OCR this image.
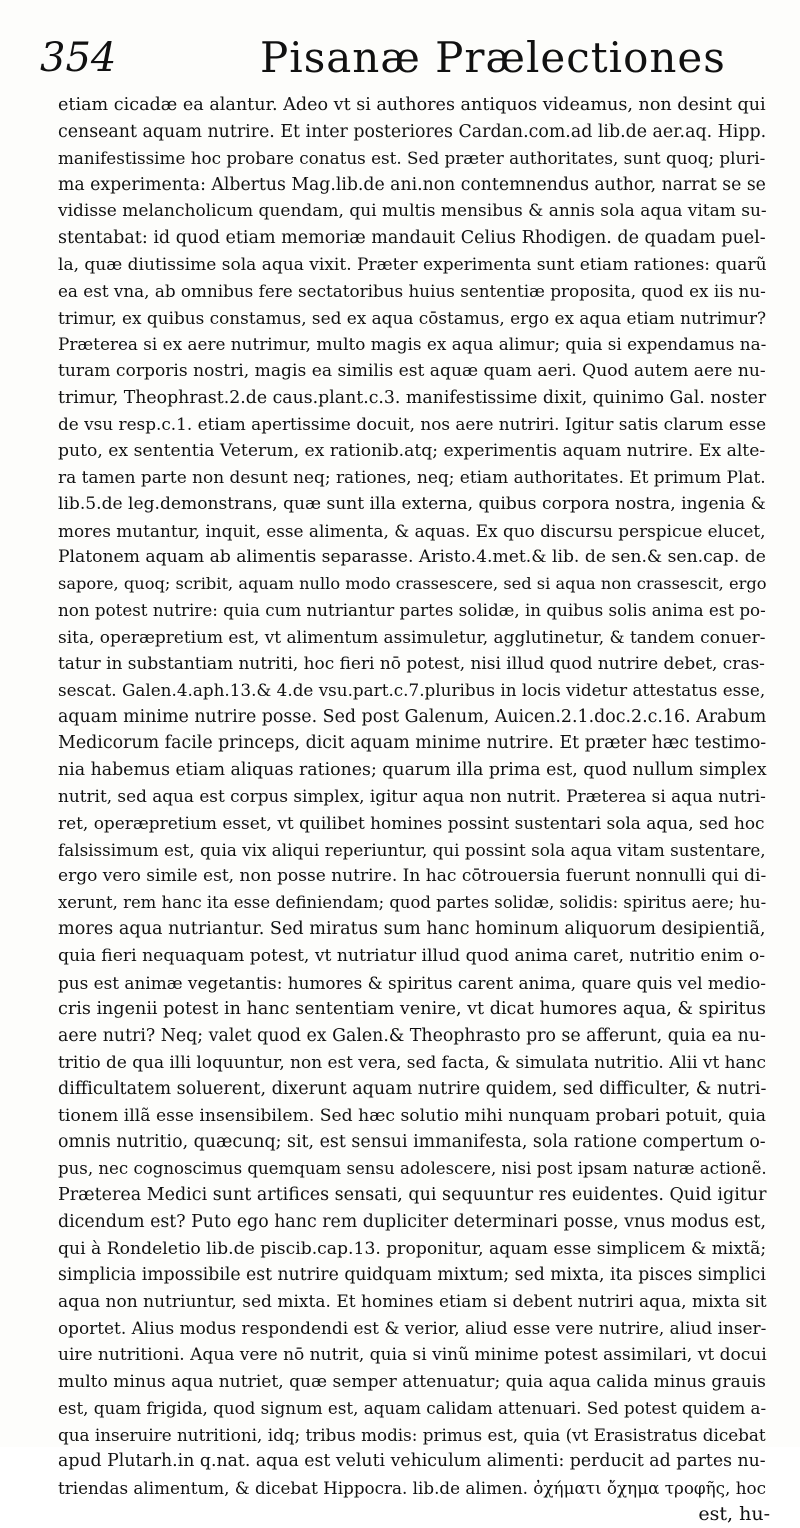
354	Pisanæ Prælectiones
etiam cicadæ ea alantur. Adeo vt si authores antiquos videamus, non desint qui
censeant aquam nutrire. Et inter posteriores Cardan.com.ad lib.de aer.aq. Hipp.
manifestissime hoc probare conatus est. Sed præter authoritates, sunt quoq; pluri-
ma experimenta: Albertus Mag.lib.de ani.non contemnendus author, narrat se se
vidisse melancholicum quendam, qui multis mensibus & annis sola aqua vitam su-
stentabat: id quod etiam memoriæ mandauit Celius Rhodigen. de quadam puel-
la, quæ diutissime sola aqua vixit. Præter experimenta sunt etiam rationes: quarũ
ea est vna, ab omnibus fere sectatoribus huius sententiæ proposita, quod ex iis nu-
trimur, ex quibus constamus, sed ex aqua cōstamus, ergo ex aqua etiam nutrimur?
Præterea si ex aere nutrimur, multo magis ex aqua alimur; quia si expendamus na-
turam corporis nostri, magis ea similis est aquæ quam aeri. Quod autem aere nu-
trimur, Theophrast.2.de caus.plant.c.3. manifestissime dixit, quinimo Gal. noster
de vsu resp.c.1. etiam apertissime docuit, nos aere nutriri. Igitur satis clarum esse
puto, ex sententia Veterum, ex rationib.atq; experimentis aquam nutrire. Ex alte-
ra tamen parte non desunt neq; rationes, neq; etiam authoritates. Et primum Plat.
lib.5.de leg.demonstrans, quæ sunt illa externa, quibus corpora nostra, ingenia &
mores mutantur, inquit, esse alimenta, & aquas. Ex quo discursu perspicue elucet,
Platonem aquam ab alimentis separasse. Aristo.4.met.& lib. de sen.& sen.cap. de
sapore, quoq; scribit, aquam nullo modo crassescere, sed si aqua non crassescit, ergo
non potest nutrire: quia cum nutriantur partes solidæ, in quibus solis anima est po-
sita, operæpretium est, vt alimentum assimuletur, agglutinetur, & tandem conuer-
tatur in substantiam nutriti, hoc fieri nō potest, nisi illud quod nutrire debet, cras-
sescat. Galen.4.aph.13.& 4.de vsu.part.c.7.pluribus in locis videtur attestatus esse,
aquam minime nutrire posse. Sed post Galenum, Auicen.2.1.doc.2.c.16. Arabum
Medicorum facile princeps, dicit aquam minime nutrire. Et præter hæc testimo-
nia habemus etiam aliquas rationes; quarum illa prima est, quod nullum simplex
nutrit, sed aqua est corpus simplex, igitur aqua non nutrit. Præterea si aqua nutri-
ret, operæpretium esset, vt quilibet homines possint sustentari sola aqua, sed hoc
falsissimum est, quia vix aliqui reperiuntur, qui possint sola aqua vitam sustentare,
ergo vero simile est, non posse nutrire. In hac cōtrouersia fuerunt nonnulli qui di-
xerunt, rem hanc ita esse definiendam; quod partes solidæ, solidis: spiritus aere; hu-
mores aqua nutriantur. Sed miratus sum hanc hominum aliquorum desipientiã,
quia fieri nequaquam potest, vt nutriatur illud quod anima caret, nutritio enim o-
pus est animæ vegetantis: humores & spiritus carent anima, quare quis vel medio-
cris ingenii potest in hanc sententiam venire, vt dicat humores aqua, & spiritus
aere nutri? Neq; valet quod ex Galen.& Theophrasto pro se afferunt, quia ea nu-
tritio de qua illi loquuntur, non est vera, sed facta, & simulata nutritio. Alii vt hanc
difficultatem soluerent, dixerunt aquam nutrire quidem, sed difficulter, & nutri-
tionem illã esse insensibilem. Sed hæc solutio mihi nunquam probari potuit, quia
omnis nutritio, quæcunq; sit, est sensui immanifesta, sola ratione compertum o-
pus, nec cognoscimus quemquam sensu adolescere, nisi post ipsam naturæ actionẽ.
Præterea Medici sunt artifices sensati, qui sequuntur res euidentes. Quid igitur
dicendum est? Puto ego hanc rem dupliciter determinari posse, vnus modus est,
qui à Rondeletio lib.de piscib.cap.13. proponitur, aquam esse simplicem & mixtã;
simplicia impossibile est nutrire quidquam mixtum; sed mixta, ita pisces simplici
aqua non nutriuntur, sed mixta. Et homines etiam si debent nutriri aqua, mixta sit
oportet. Alius modus respondendi est & verior, aliud esse vere nutrire, aliud inser-
uire nutritioni. Aqua vere nō nutrit, quia si vinũ minime potest assimilari, vt docui
multo minus aqua nutriet, quæ semper attenuatur; quia aqua calida minus grauis
est, quam frigida, quod signum est, aquam calidam attenuari. Sed potest quidem a-
qua inseruire nutritioni, idq; tribus modis: primus est, quia (vt Erasistratus dicebat
apud Plutarh.in q.nat. aqua est veluti vehiculum alimenti: perducit ad partes nu-
triendas alimentum, & dicebat Hippocra. lib.de alimen. ὀχήματι ὄχημα τροφῆς, hoc
est, hu-
